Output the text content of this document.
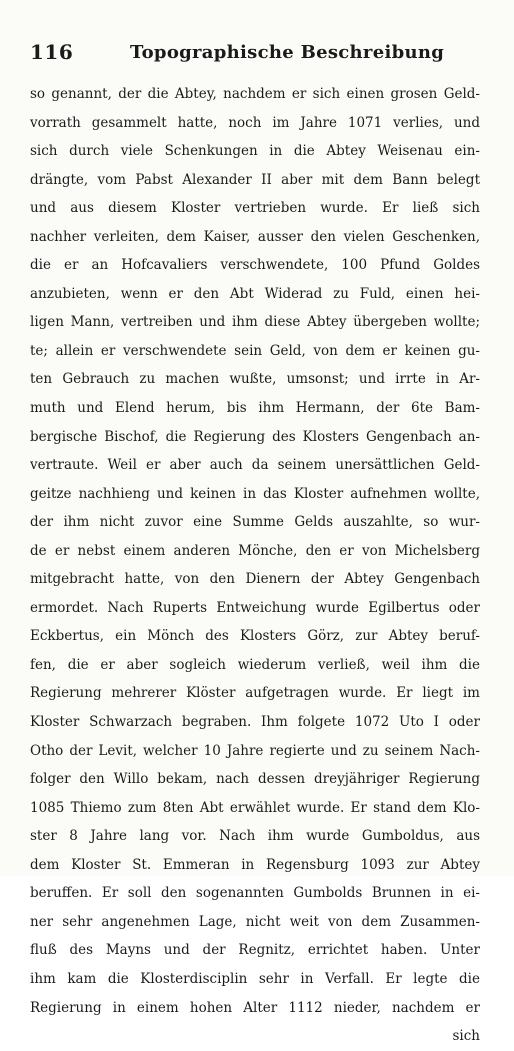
116	Topographische Beschreibung
so genannt, der die Abtey, nachdem er sich einen grosen Geld-
vorrath gesammelt hatte, noch im Jahre 1071 verlies, und
sich durch viele Schenkungen in die Abtey Weisenau ein-
drängte, vom Pabst Alexander II aber mit dem Bann belegt
und aus diesem Kloster vertrieben wurde. Er ließ sich
nachher verleiten, dem Kaiser, ausser den vielen Geschenken,
die er an Hofcavaliers verschwendete, 100 Pfund Goldes
anzubieten, wenn er den Abt Widerad zu Fuld, einen hei-
ligen Mann, vertreiben und ihm diese Abtey übergeben wollte;
te; allein er verschwendete sein Geld, von dem er keinen gu-
ten Gebrauch zu machen wußte, umsonst; und irrte in Ar-
muth und Elend herum, bis ihm Hermann, der 6te Bam-
bergische Bischof, die Regierung des Klosters Gengenbach an-
vertraute. Weil er aber auch da seinem unersättlichen Geld-
geitze nachhieng und keinen in das Kloster aufnehmen wollte,
der ihm nicht zuvor eine Summe Gelds auszahlte, so wur-
de er nebst einem anderen Mönche, den er von Michelsberg
mitgebracht hatte, von den Dienern der Abtey Gengenbach
ermordet. Nach Ruperts Entweichung wurde Egilbertus oder
Eckbertus, ein Mönch des Klosters Görz, zur Abtey beruf-
fen, die er aber sogleich wiederum verließ, weil ihm die
Regierung mehrerer Klöster aufgetragen wurde. Er liegt im
Kloster Schwarzach begraben. Ihm folgete 1072 Uto I oder
Otho der Levit, welcher 10 Jahre regierte und zu seinem Nach-
folger den Willo bekam, nach dessen dreyjähriger Regierung
1085 Thiemo zum 8ten Abt erwählet wurde. Er stand dem Klo-
ster 8 Jahre lang vor. Nach ihm wurde Gumboldus, aus
dem Kloster St. Emmeran in Regensburg 1093 zur Abtey
beruffen. Er soll den sogenannten Gumbolds Brunnen in ei-
ner sehr angenehmen Lage, nicht weit von dem Zusammen-
fluß des Mayns und der Regnitz, errichtet haben. Unter
ihm kam die Klosterdisciplin sehr in Verfall. Er legte die
Regierung in einem hohen Alter 1112 nieder, nachdem er
sich
